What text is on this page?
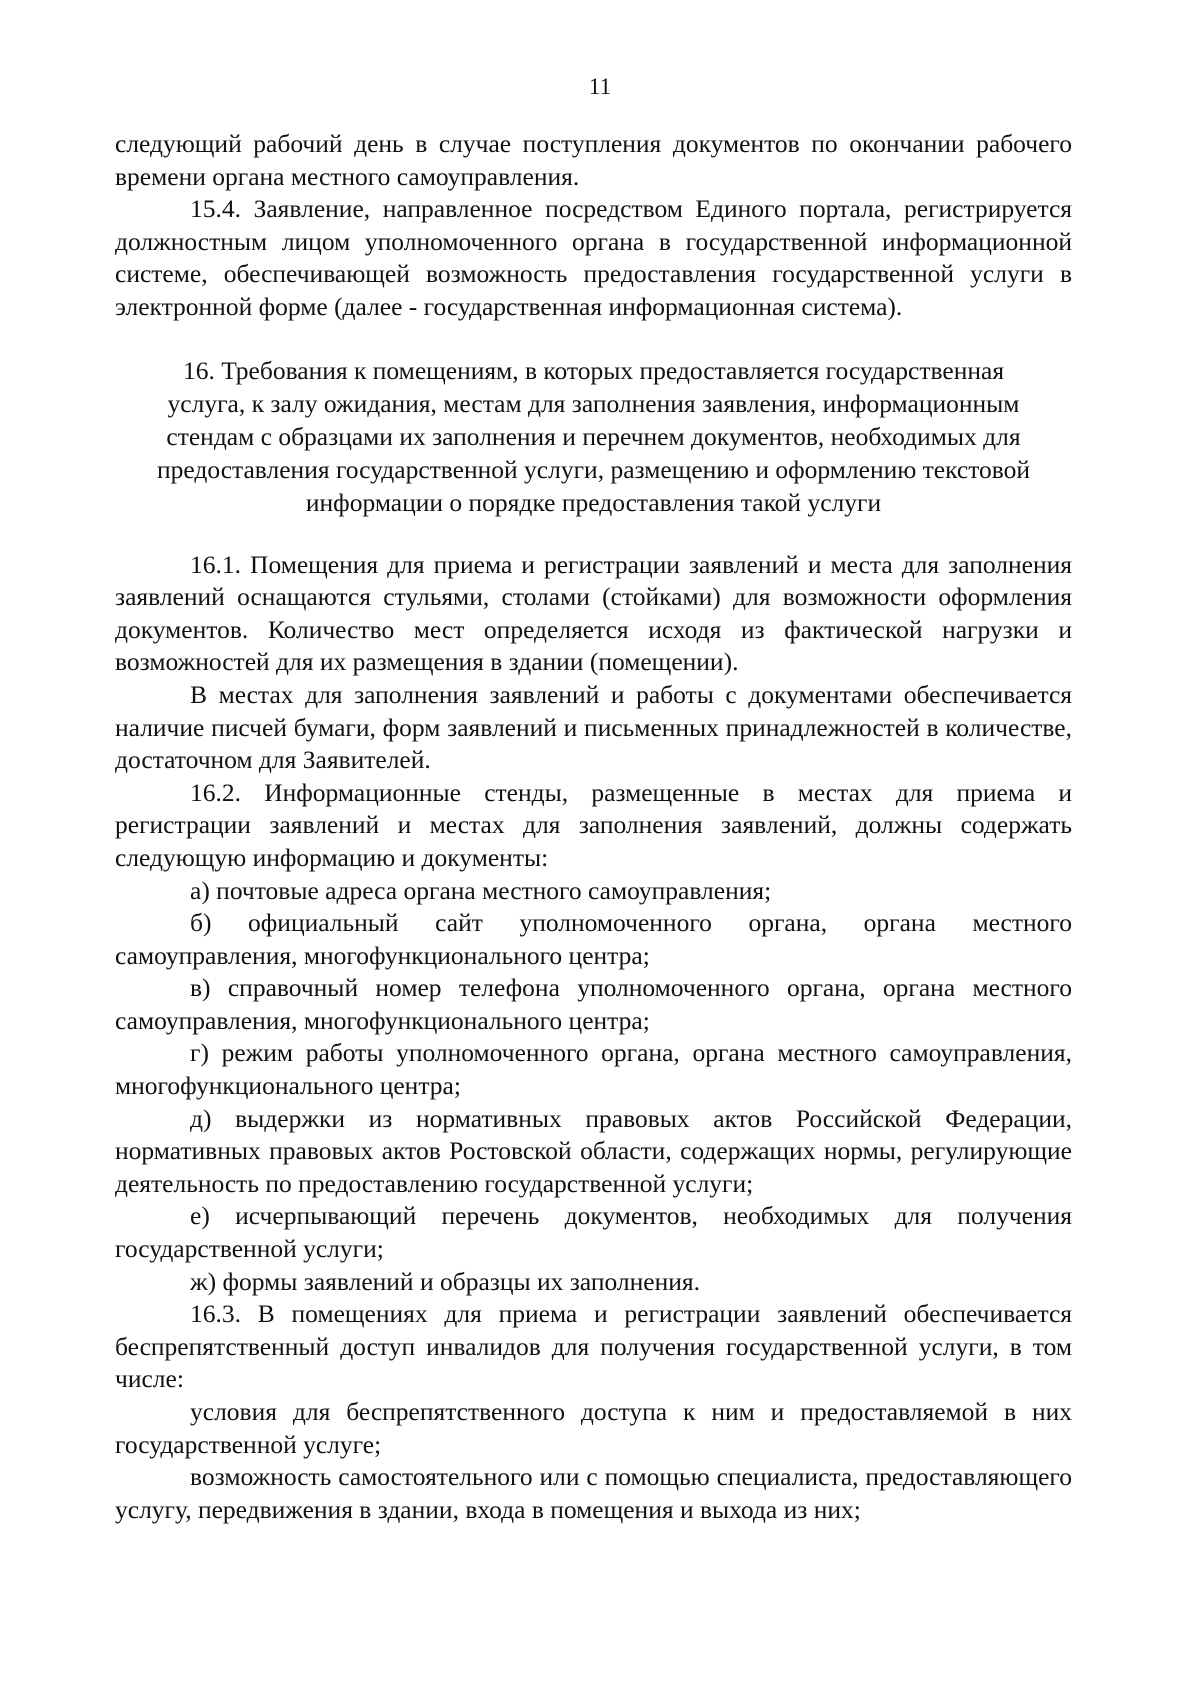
11

следующий рабочий день в случае поступления документов по окончании рабочего времени органа местного самоуправления.

15.4. Заявление, направленное посредством Единого портала, регистрируется должностным лицом уполномоченного органа в государственной информационной системе, обеспечивающей возможность предоставления государственной услуги в электронной форме (далее - государственная информационная система).

16. Требования к помещениям, в которых предоставляется государственная
услуга, к залу ожидания, местам для заполнения заявления, информационным
стендам с образцами их заполнения и перечнем документов, необходимых для
предоставления государственной услуги, размещению и оформлению текстовой
информации о порядке предоставления такой услуги

16.1. Помещения для приема и регистрации заявлений и места для заполнения заявлений оснащаются стульями, столами (стойками) для возможности оформления документов. Количество мест определяется исходя из фактической нагрузки и возможностей для их размещения в здании (помещении).

В местах для заполнения заявлений и работы с документами обеспечивается наличие писчей бумаги, форм заявлений и письменных принадлежностей в количестве, достаточном для Заявителей.

16.2. Информационные стенды, размещенные в местах для приема и регистрации заявлений и местах для заполнения заявлений, должны содержать следующую информацию и документы:

а) почтовые адреса органа местного самоуправления;

б) официальный сайт уполномоченного органа, органа местного самоуправления, многофункционального центра;

в) справочный номер телефона уполномоченного органа, органа местного самоуправления, многофункционального центра;

г) режим работы уполномоченного органа, органа местного самоуправления, многофункционального центра;

д) выдержки из нормативных правовых актов Российской Федерации, нормативных правовых актов Ростовской области, содержащих нормы, регулирующие деятельность по предоставлению государственной услуги;

е) исчерпывающий перечень документов, необходимых для получения государственной услуги;

ж) формы заявлений и образцы их заполнения.

16.3. В помещениях для приема и регистрации заявлений обеспечивается беспрепятственный доступ инвалидов для получения государственной услуги, в том числе:

условия для беспрепятственного доступа к ним и предоставляемой в них государственной услуге;

возможность самостоятельного или с помощью специалиста, предоставляющего услугу, передвижения в здании, входа в помещения и выхода из них;
